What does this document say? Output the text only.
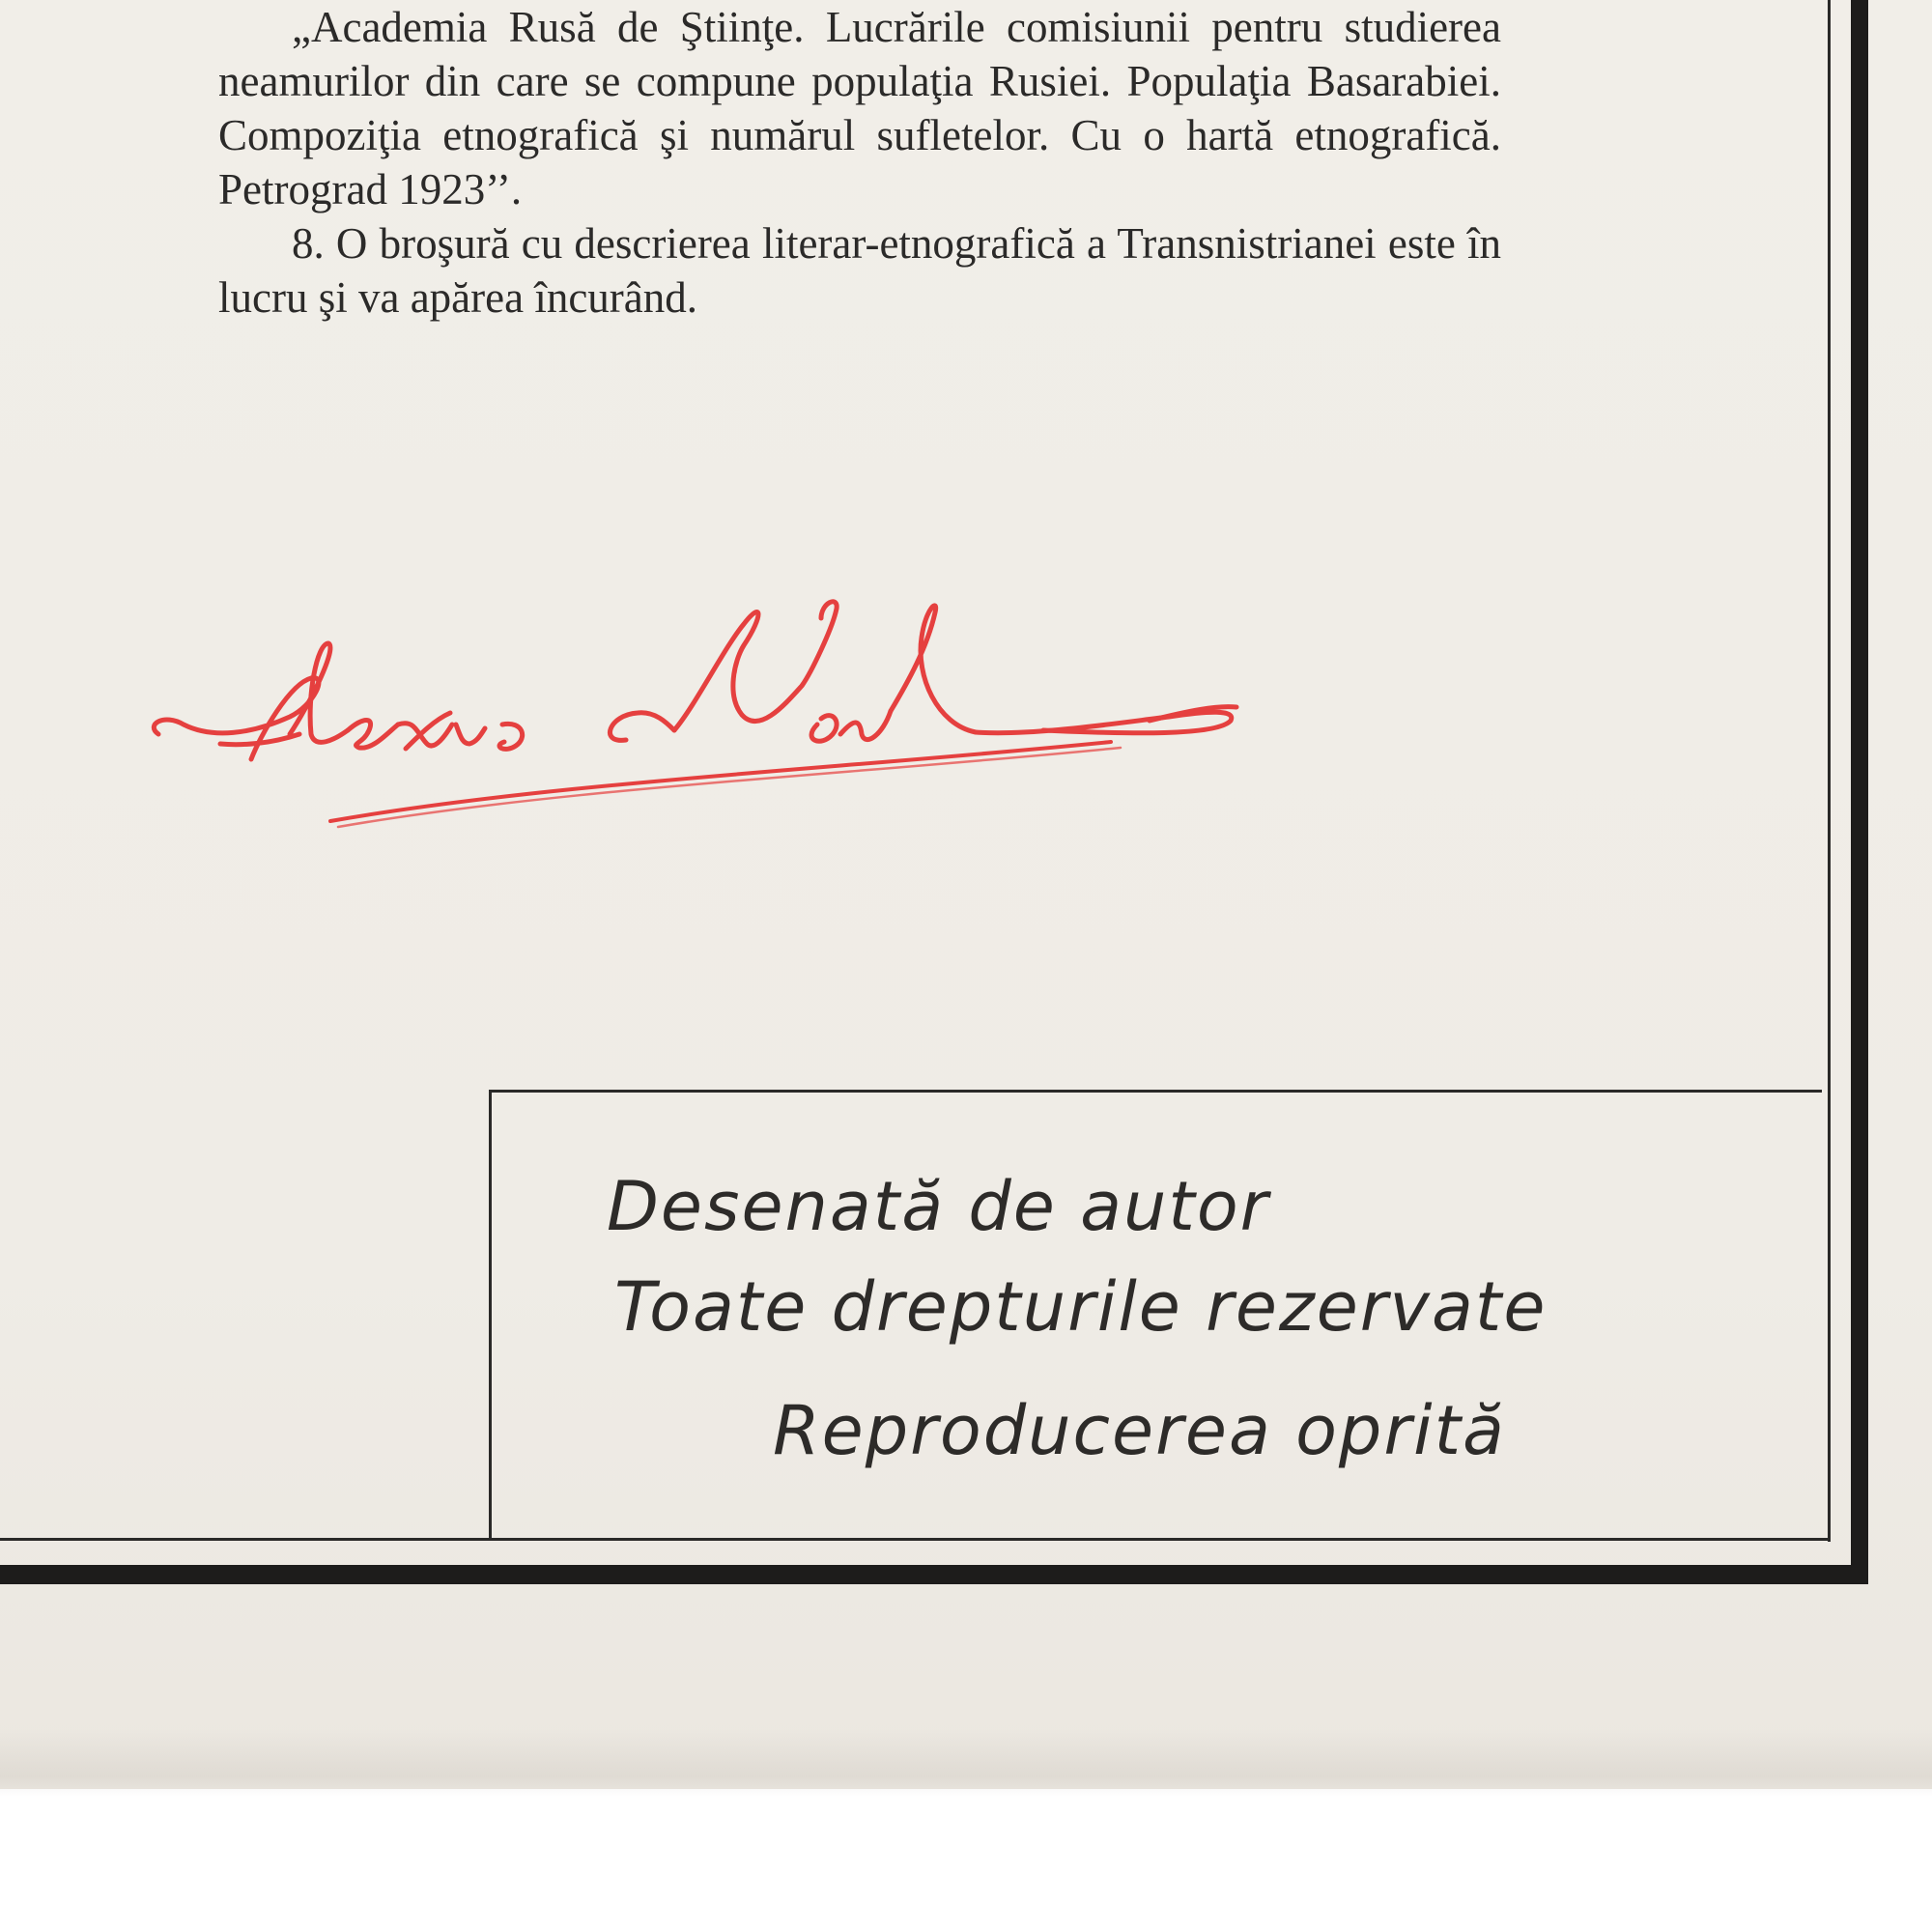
„Academia Rusă de Ştiinţe. Lucrările comisiunii pentru studierea neamurilor din care se compune populaţia Rusiei. Populaţia Basarabiei. Compoziţia etnografică şi numărul sufletelor. Cu o hartă etnografică. Petrograd 1923’’.

8. O broşură cu descrierea literar-etnografică a Transnistrianei este în lucru şi va apărea încurând.

Desenată de autor
Toate drepturile rezervate
Reproducerea oprită
